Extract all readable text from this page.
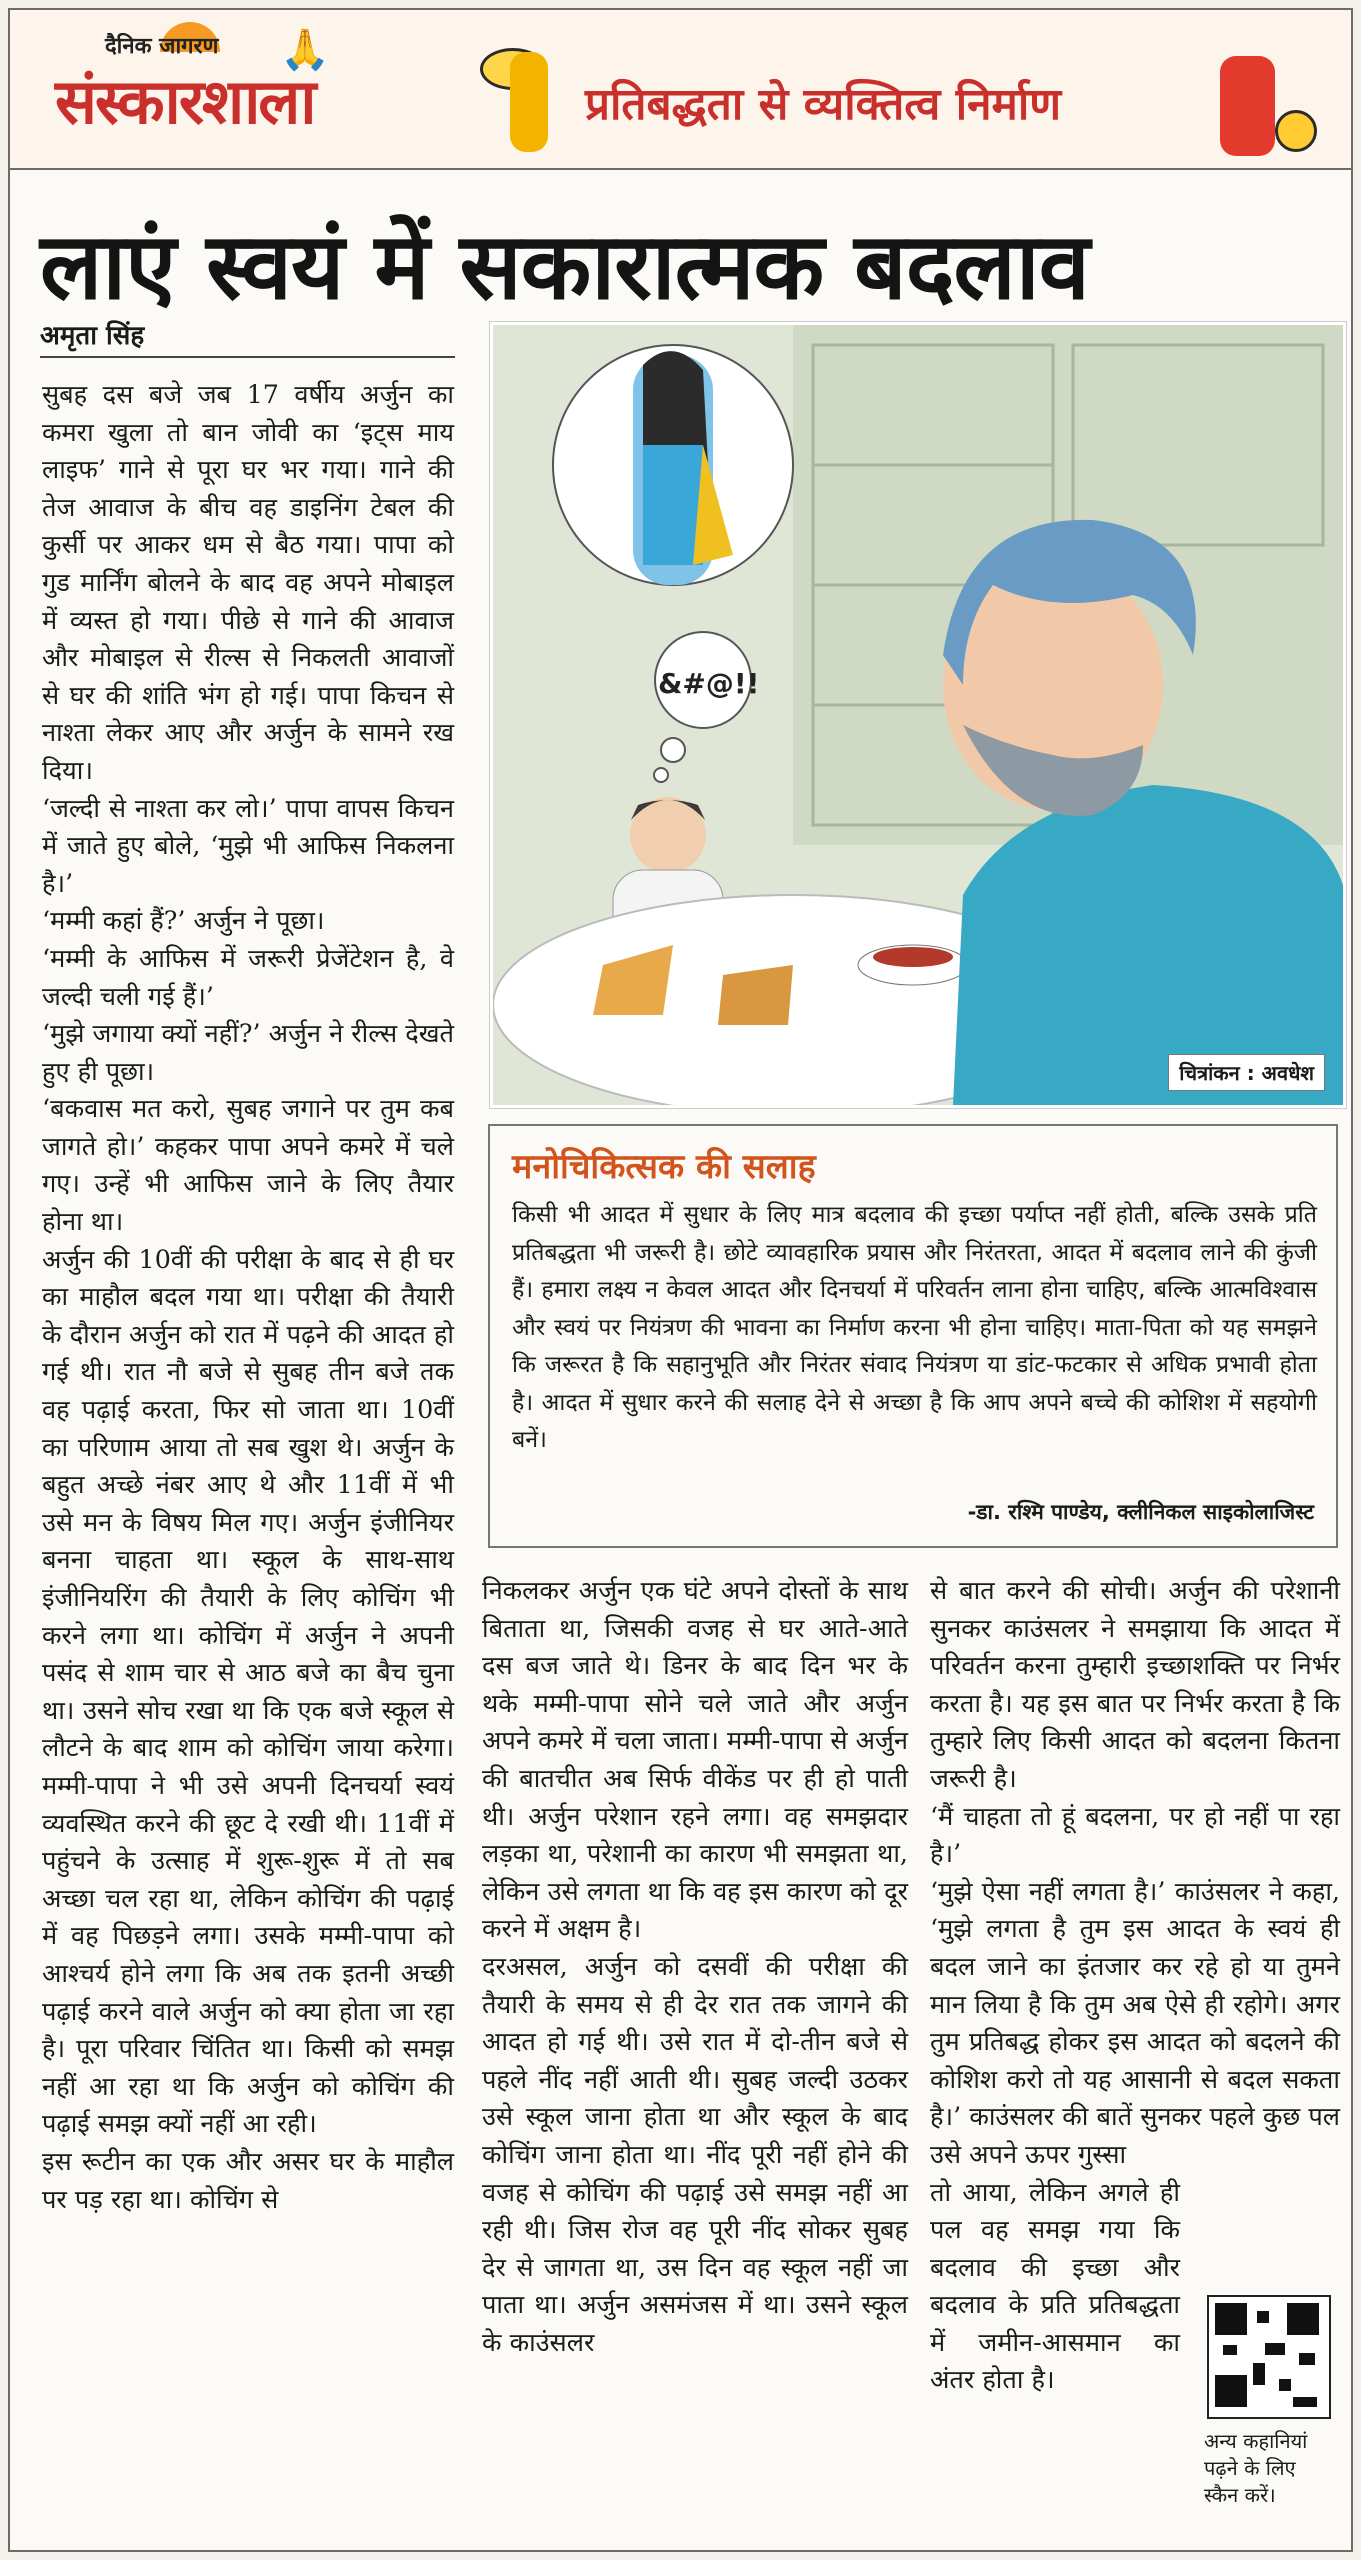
दैनिक जागरण
संस्कारशाला
🙏
प्रतिबद्धता से व्यक्तित्व निर्माण
लाएं स्वयं में सकारात्मक बदलाव
अमृता सिंह

सुबह दस बजे जब 17 वर्षीय अर्जुन का कमरा खुला तो बान जोवी का ‘इट्स माय लाइफ’ गाने से पूरा घर भर गया। गाने की तेज आवाज के बीच वह डाइनिंग टेबल की कुर्सी पर आकर धम से बैठ गया। पापा को गुड मार्निंग बोलने के बाद वह अपने मोबाइल में व्यस्त हो गया। पीछे से गाने की आवाज और मोबाइल से रील्स से निकलती आवाजों से घर की शांति भंग हो गई। पापा किचन से नाश्ता लेकर आए और अर्जुन के सामने रख दिया।

‘जल्दी से नाश्ता कर लो।’ पापा वापस किचन में जाते हुए बोले, ‘मुझे भी आफिस निकलना है।’

‘मम्मी कहां हैं?’ अर्जुन ने पूछा।

‘मम्मी के आफिस में जरूरी प्रेजेंटेशन है, वे जल्दी चली गई हैं।’

‘मुझे जगाया क्यों नहीं?’ अर्जुन ने रील्स देखते हुए ही पूछा।

‘बकवास मत करो, सुबह जगाने पर तुम कब जागते हो।’ कहकर पापा अपने कमरे में चले गए। उन्हें भी आफिस जाने के लिए तैयार होना था।

अर्जुन की 10वीं की परीक्षा के बाद से ही घर का माहौल बदल गया था। परीक्षा की तैयारी के दौरान अर्जुन को रात में पढ़ने की आदत हो गई थी। रात नौ बजे से सुबह तीन बजे तक वह पढ़ाई करता, फिर सो जाता था। 10वीं का परिणाम आया तो सब खुश थे। अर्जुन के बहुत अच्छे नंबर आए थे और 11वीं में भी उसे मन के विषय मिल गए। अर्जुन इंजीनियर बनना चाहता था। स्कूल के साथ-साथ इंजीनियरिंग की तैयारी के लिए कोचिंग भी करने लगा था। कोचिंग में अर्जुन ने अपनी पसंद से शाम चार से आठ बजे का बैच चुना था। उसने सोच रखा था कि एक बजे स्कूल से लौटने के बाद शाम को कोचिंग जाया करेगा। मम्मी-पापा ने भी उसे अपनी दिनचर्या स्वयं व्यवस्थित करने की छूट दे रखी थी। 11वीं में पहुंचने के उत्साह में शुरू-शुरू में तो सब अच्छा चल रहा था, लेकिन कोचिंग की पढ़ाई में वह पिछड़ने लगा। उसके मम्मी-पापा को आश्चर्य होने लगा कि अब तक इतनी अच्छी पढ़ाई करने वाले अर्जुन को क्या होता जा रहा है। पूरा परिवार चिंतित था। किसी को समझ नहीं आ रहा था कि अर्जुन को कोचिंग की पढ़ाई समझ क्यों नहीं आ रही।

इस रूटीन का एक और असर घर के माहौल पर पड़ रहा था। कोचिंग से

&#@!!
चित्रांकन : अवधेश
मनोचिकित्सक की सलाह
किसी भी आदत में सुधार के लिए मात्र बदलाव की इच्छा पर्याप्त नहीं होती, बल्कि उसके प्रति प्रतिबद्धता भी जरूरी है। छोटे व्यावहारिक प्रयास और निरंतरता, आदत में बदलाव लाने की कुंजी हैं। हमारा लक्ष्य न केवल आदत और दिनचर्या में परिवर्तन लाना होना चाहिए, बल्कि आत्मविश्वास और स्वयं पर नियंत्रण की भावना का निर्माण करना भी होना चाहिए। माता-पिता को यह समझने कि जरूरत है कि सहानुभूति और निरंतर संवाद नियंत्रण या डांट-फटकार से अधिक प्रभावी होता है। आदत में सुधार करने की सलाह देने से अच्छा है कि आप अपने बच्चे की कोशिश में सहयोगी बनें।
-डा. रश्मि पाण्डेय, क्लीनिकल साइकोलाजिस्ट

निकलकर अर्जुन एक घंटे अपने दोस्तों के साथ बिताता था, जिसकी वजह से घर आते-आते दस बज जाते थे। डिनर के बाद दिन भर के थके मम्मी-पापा सोने चले जाते और अर्जुन अपने कमरे में चला जाता। मम्मी-पापा से अर्जुन की बातचीत अब सिर्फ वीकेंड पर ही हो पाती थी। अर्जुन परेशान रहने लगा। वह समझदार लड़का था, परेशानी का कारण भी समझता था, लेकिन उसे लगता था कि वह इस कारण को दूर करने में अक्षम है।

दरअसल, अर्जुन को दसवीं की परीक्षा की तैयारी के समय से ही देर रात तक जागने की आदत हो गई थी। उसे रात में दो-तीन बजे से पहले नींद नहीं आती थी। सुबह जल्दी उठकर उसे स्कूल जाना होता था और स्कूल के बाद कोचिंग जाना होता था। नींद पूरी नहीं होने की वजह से कोचिंग की पढ़ाई उसे समझ नहीं आ रही थी। जिस रोज वह पूरी नींद सोकर सुबह देर से जागता था, उस दिन वह स्कूल नहीं जा पाता था। अर्जुन असमंजस में था। उसने स्कूल के काउंसलर

से बात करने की सोची। अर्जुन की परेशानी सुनकर काउंसलर ने समझाया कि आदत में परिवर्तन करना तुम्हारी इच्छाशक्ति पर निर्भर करता है। यह इस बात पर निर्भर करता है कि तुम्हारे लिए किसी आदत को बदलना कितना जरूरी है।

‘मैं चाहता तो हूं बदलना, पर हो नहीं पा रहा है।’

‘मुझे ऐसा नहीं लगता है।’ काउंसलर ने कहा, ‘मुझे लगता है तुम इस आदत के स्वयं ही बदल जाने का इंतजार कर रहे हो या तुमने मान लिया है कि तुम अब ऐसे ही रहोगे। अगर तुम प्रतिबद्ध होकर इस आदत को बदलने की कोशिश करो तो यह आसानी से बदल सकता है।’ काउंसलर की बातें सुनकर पहले कुछ पल उसे अपने ऊपर गुस्सा

तो आया, लेकिन अगले ही पल वह समझ गया कि बदलाव की इच्छा और बदलाव के प्रति प्रतिबद्धता में जमीन-आसमान का अंतर होता है।

अन्य कहानियां पढ़ने के लिए स्कैन करें।
